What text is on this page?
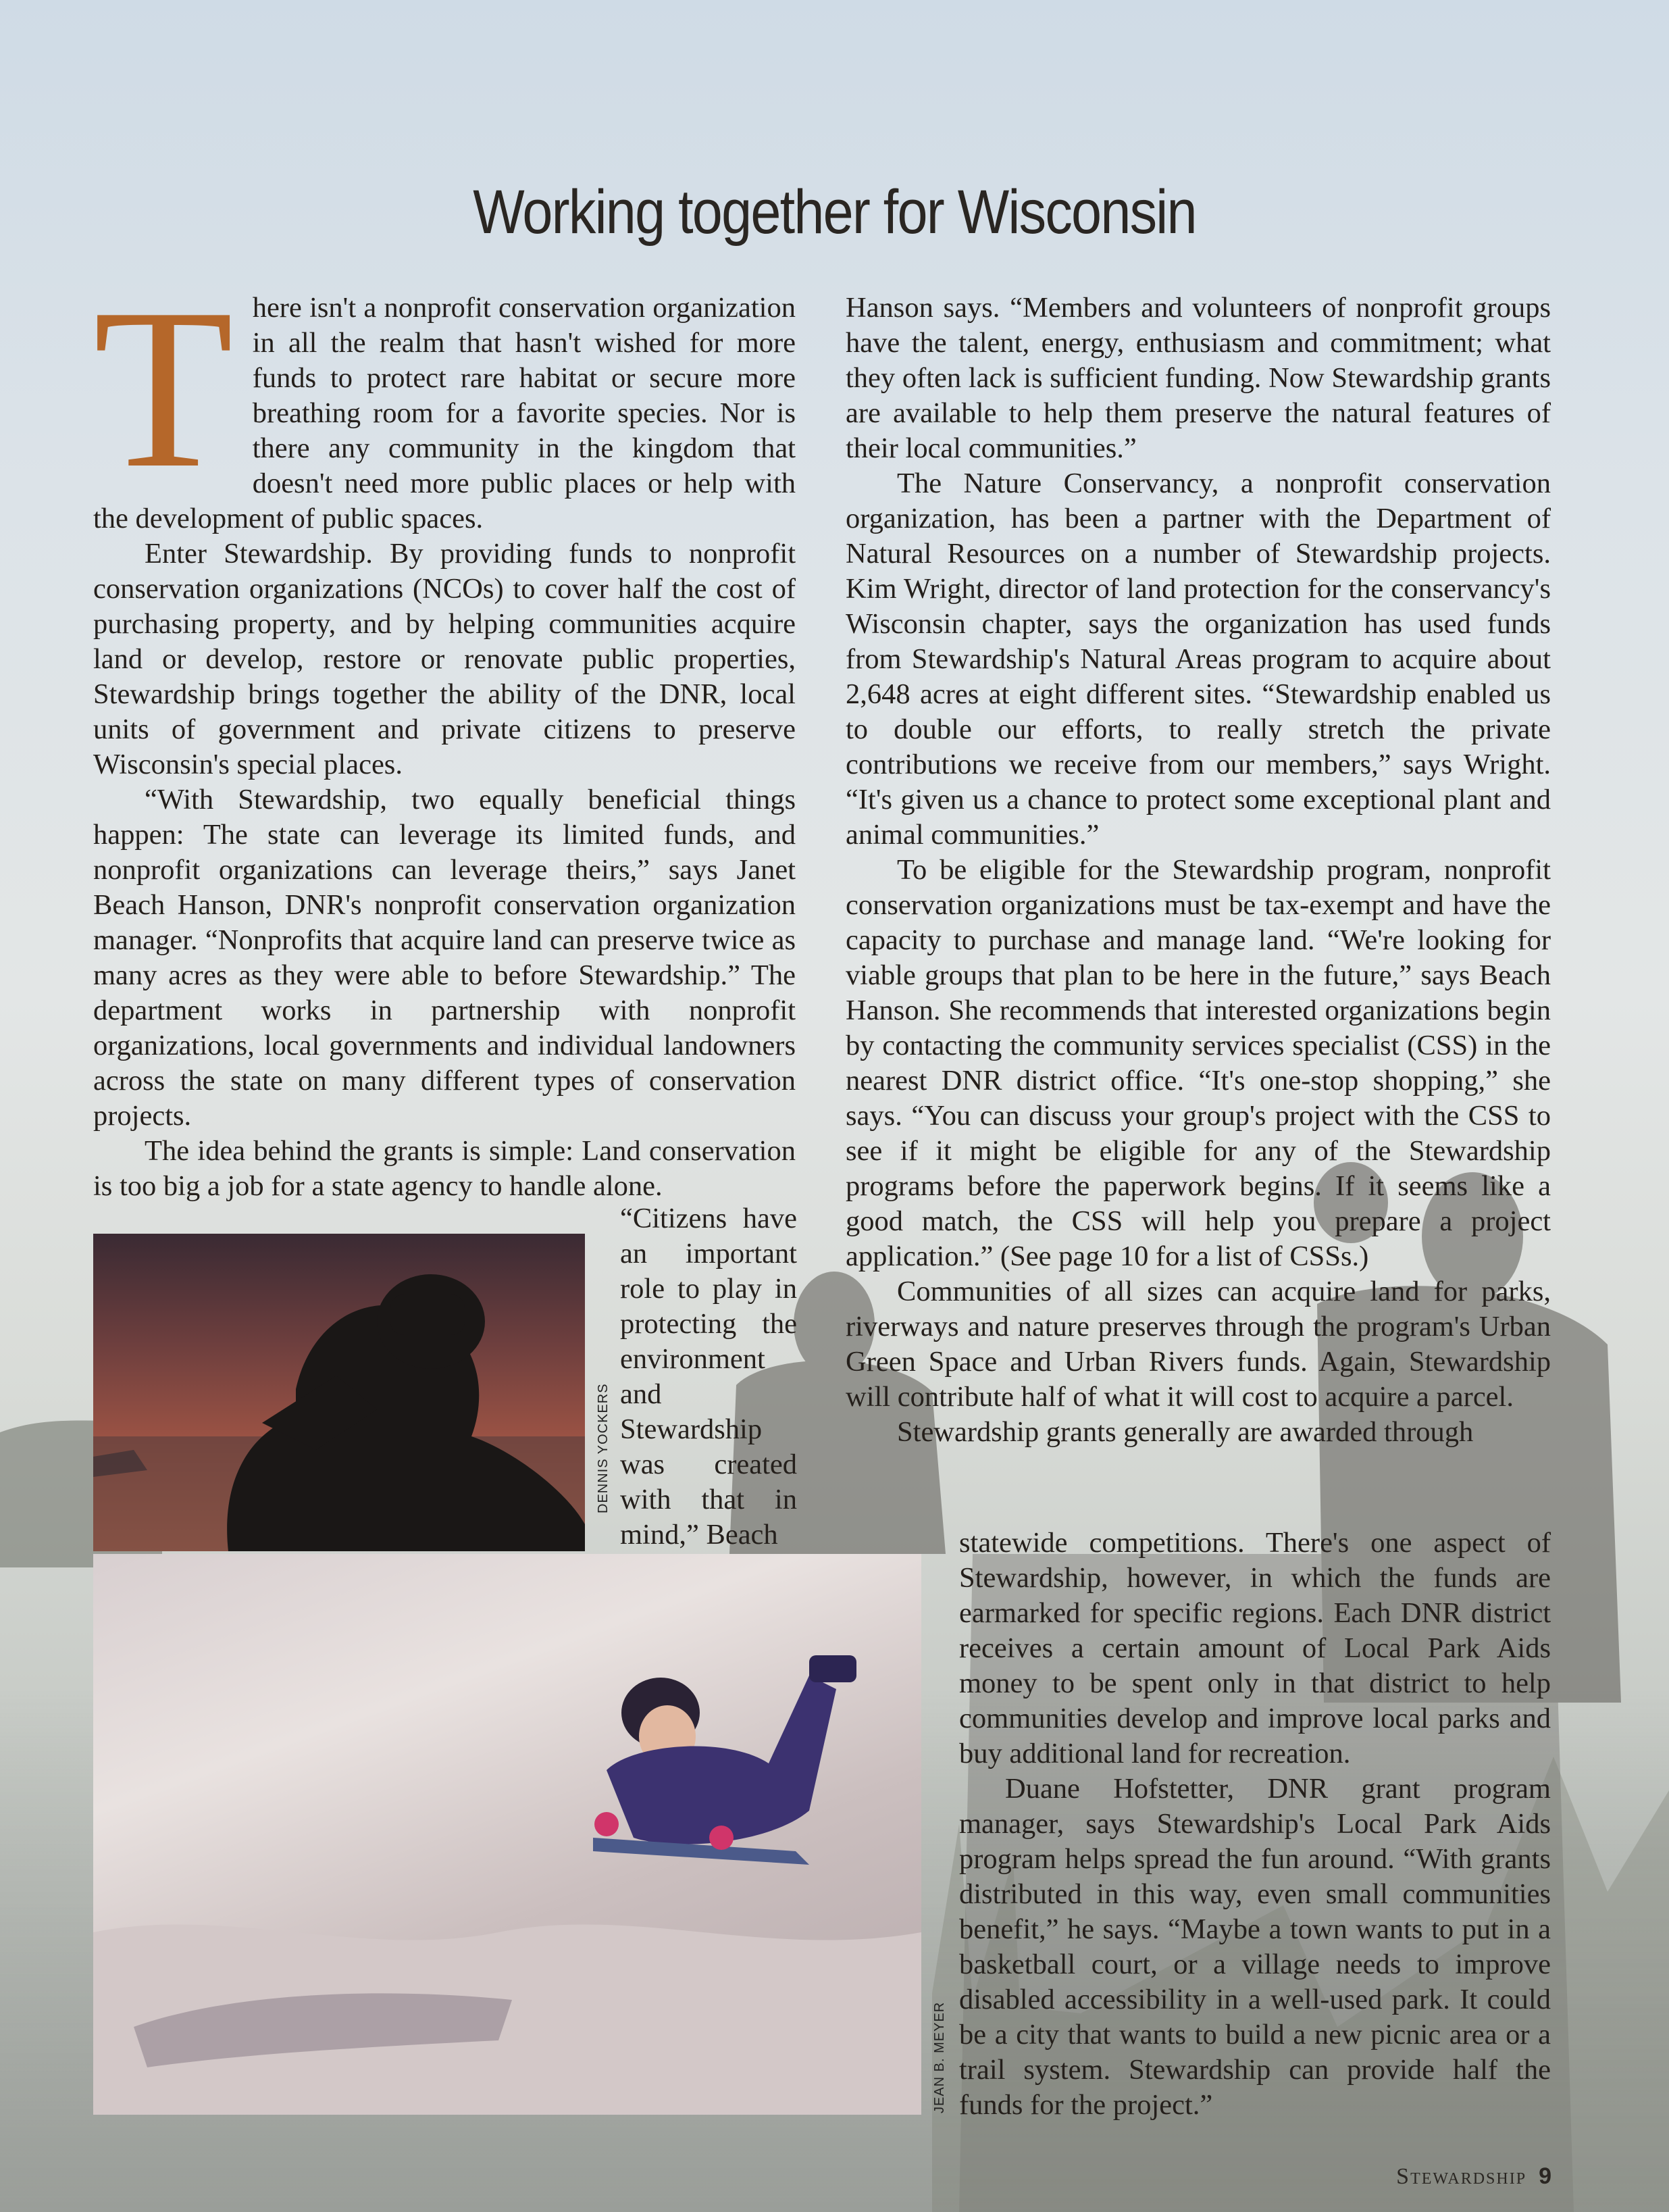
Working together for Wisconsin
T here isn't a nonprofit conservation organization in all the realm that hasn't wished for more funds to protect rare habitat or secure more breathing room for a favorite species. Nor is there any community in the kingdom that doesn't need more public places or help with the development of public spaces.

Enter Stewardship. By providing funds to nonprofit conservation organizations (NCOs) to cover half the cost of purchasing property, and by helping communities acquire land or develop, restore or renovate public properties, Stewardship brings together the ability of the DNR, local units of government and private citizens to preserve Wisconsin's special places.

“With Stewardship, two equally beneficial things happen: The state can leverage its limited funds, and nonprofit organizations can leverage theirs,” says Janet Beach Hanson, DNR's nonprofit conservation organization manager. “Nonprofits that acquire land can preserve twice as many acres as they were able to before Stewardship.” The department works in partnership with nonprofit organizations, local governments and individual landowners across the state on many different types of conservation projects.

The idea behind the grants is simple: Land conservation is too big a job for a state agency to handle alone.

“Citizens have an important role to play in protecting the environment and Stewardship was created with that in mind,” Beach

DENNIS YOCKERS
JEAN B. MEYER

Hanson says. “Members and volunteers of nonprofit groups have the talent, energy, enthusiasm and commitment; what they often lack is sufficient funding. Now Stewardship grants are available to help them preserve the natural features of their local communities.”

The Nature Conservancy, a nonprofit conservation organization, has been a partner with the Department of Natural Resources on a number of Stewardship projects. Kim Wright, director of land protection for the conservancy's Wisconsin chapter, says the organization has used funds from Stewardship's Natural Areas program to acquire about 2,648 acres at eight different sites. “Stewardship enabled us to double our efforts, to really stretch the private contributions we receive from our members,” says Wright. “It's given us a chance to protect some exceptional plant and animal communities.”

To be eligible for the Stewardship program, nonprofit conservation organizations must be tax-exempt and have the capacity to purchase and manage land. “We're looking for viable groups that plan to be here in the future,” says Beach Hanson. She recommends that interested organizations begin by contacting the community services specialist (CSS) in the nearest DNR district office. “It's one-stop shopping,” she says. “You can discuss your group's project with the CSS to see if it might be eligible for any of the Stewardship programs before the paperwork begins. If it seems like a good match, the CSS will help you prepare a project application.” (See page 10 for a list of CSSs.)

Communities of all sizes can acquire land for parks, riverways and nature preserves through the program's Urban Green Space and Urban Rivers funds. Again, Stewardship will contribute half of what it will cost to acquire a parcel.

Stewardship grants generally are awarded through

statewide competitions. There's one aspect of Stewardship, however, in which the funds are earmarked for specific regions. Each DNR district receives a certain amount of Local Park Aids money to be spent only in that district to help communities develop and improve local parks and buy additional land for recreation.

Duane Hofstetter, DNR grant program manager, says Stewardship's Local Park Aids program helps spread the fun around. “With grants distributed in this way, even small communities benefit,” he says. “Maybe a town wants to put in a basketball court, or a village needs to improve disabled accessibility in a well-used park. It could be a city that wants to build a new picnic area or a trail system. Stewardship can provide half the funds for the project.”

Stewardship 9
